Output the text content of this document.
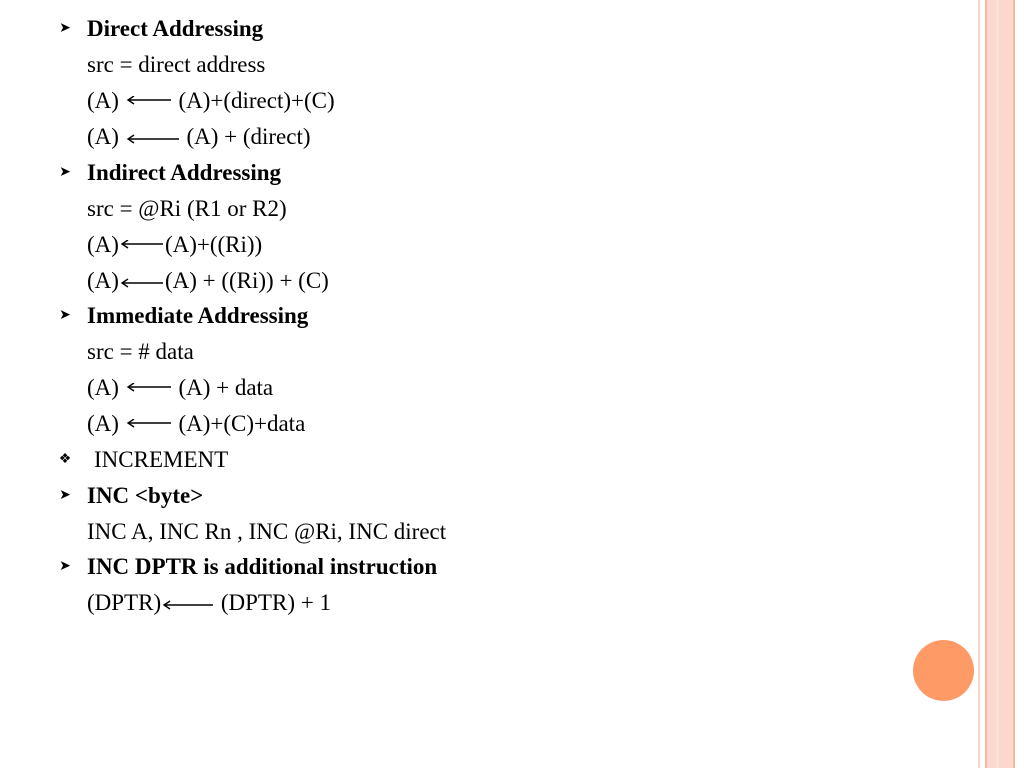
➤ Direct Addressing
src = direct address
(A)	(A)+(direct)+(C)
(A)	(A) + (direct)
➤ Indirect Addressing
src = @Ri (R1 or R2)
(A) (A)+((Ri))
(A) (A) + ((Ri)) + (C)
➤ Immediate Addressing
src = # data
(A)	(A) + data
(A)	(A)+(C)+data
❖ INCREMENT
➤ INC <byte>
INC A, INC Rn , INC @Ri, INC direct
➤ INC DPTR is additional instruction
(DPTR)	(DPTR) + 1
